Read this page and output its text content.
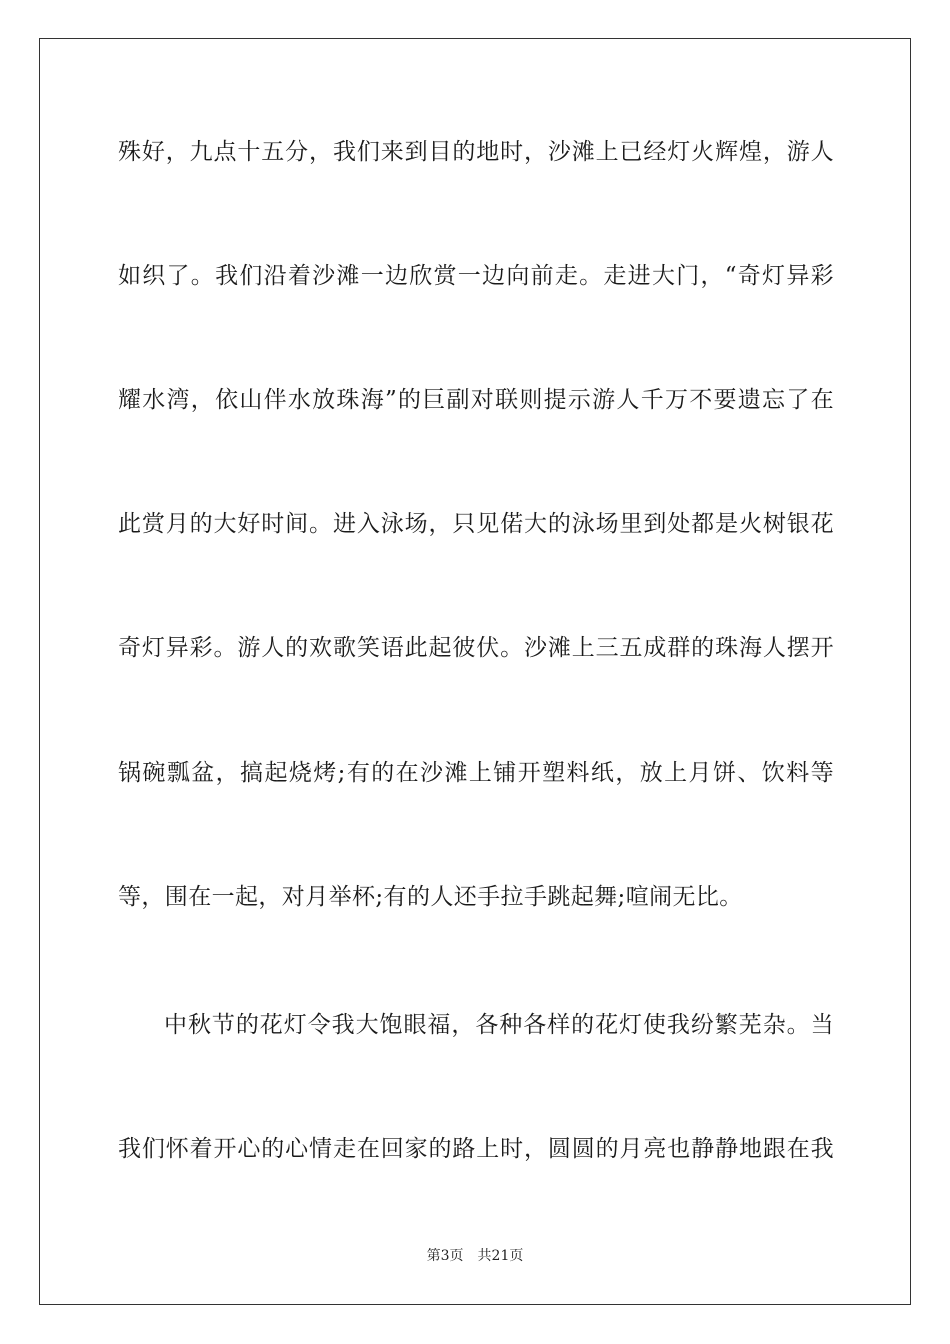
殊好，九点十五分，我们来到目的地时，沙滩上已经灯火辉煌，游人
如织了。我们沿着沙滩一边欣赏一边向前走。走进大门，“奇灯异彩
耀水湾，依山伴水放珠海”的巨副对联则提示游人千万不要遗忘了在
此赏月的大好时间。进入泳场，只见偌大的泳场里到处都是火树银花
奇灯异彩。游人的欢歌笑语此起彼伏。沙滩上三五成群的珠海人摆开
锅碗瓢盆，搞起烧烤;有的在沙滩上铺开塑料纸，放上月饼、饮料等
等，围在一起，对月举杯;有的人还手拉手跳起舞;喧闹无比。
中秋节的花灯令我大饱眼福，各种各样的花灯使我纷繁芜杂。当
我们怀着开心的心情走在回家的路上时，圆圆的月亮也静静地跟在我
第3页 共21页
